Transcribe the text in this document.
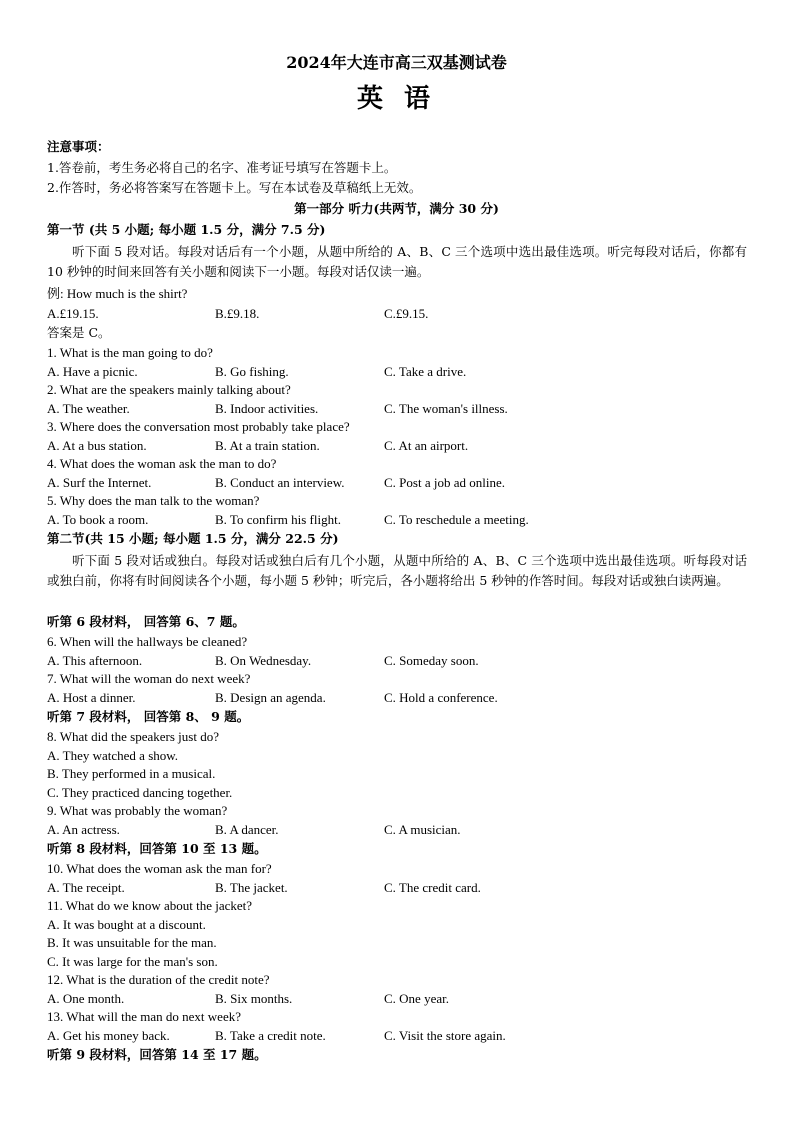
2024年大连市高三双基测试卷
英 语
注意事项：
1.答卷前，考生务必将自己的名字、准考证号填写在答题卡上。
2.作答时，务必将答案写在答题卡上。写在本试卷及草稿纸上无效。
第一部分 听力(共两节，满分 30 分)
第一节 (共 5 小题; 每小题 1.5 分，满分 7.5 分)
听下面 5 段对话。每段对话后有一个小题，从题中所给的 A、B、C 三个选项中选出最佳选项。听完每段对话后，你都有 10 秒钟的时间来回答有关小题和阅读下一小题。每段对话仅读一遍。
例: How much is the shirt?
A.£19.15.	B.£9.18.	C.£9.15.
答案是 C。
1. What is the man going to do?
A. Have a picnic.	B. Go fishing.	C. Take a drive.
2. What are the speakers mainly talking about?
A. The weather.	B. Indoor activities.	C. The woman's illness.
3. Where does the conversation most probably take place?
A. At a bus station.	B. At a train station.	C. At an airport.
4. What does the woman ask the man to do?
A. Surf the Internet.	B. Conduct an interview.	C. Post a job ad online.
5. Why does the man talk to the woman?
A. To book a room.	B. To confirm his flight.	C. To reschedule a meeting.
第二节(共 15 小题; 每小题 1.5 分，满分 22.5 分)
听下面 5 段对话或独白。每段对话或独白后有几个小题，从题中所给的 A、B、C 三个选项中选出最佳选项。听每段对话或独白前，你将有时间阅读各个小题，每小题 5 秒钟；听完后，各小题将给出 5 秒钟的作答时间。每段对话或独白读两遍。
听第 6 段材料， 回答第 6、7 题。
6. When will the hallways be cleaned?
A. This afternoon.	B. On Wednesday.	C. Someday soon.
7. What will the woman do next week?
A. Host a dinner.	B. Design an agenda.	C. Hold a conference.
听第 7 段材料， 回答第 8、 9 题。
8. What did the speakers just do?
A. They watched a show.
B. They performed in a musical.
C. They practiced dancing together.
9. What was probably the woman?
A. An actress.	B. A dancer.	C. A musician.
听第 8 段材料，回答第 10 至 13 题。
10. What does the woman ask the man for?
A. The receipt.	B. The jacket.	C. The credit card.
11. What do we know about the jacket?
A. It was bought at a discount.
B. It was unsuitable for the man.
C. It was large for the man's son.
12. What is the duration of the credit note?
A. One month.	B. Six months.	C. One year.
13. What will the man do next week?
A. Get his money back.	B. Take a credit note.	C. Visit the store again.
听第 9 段材料，回答第 14 至 17 题。
